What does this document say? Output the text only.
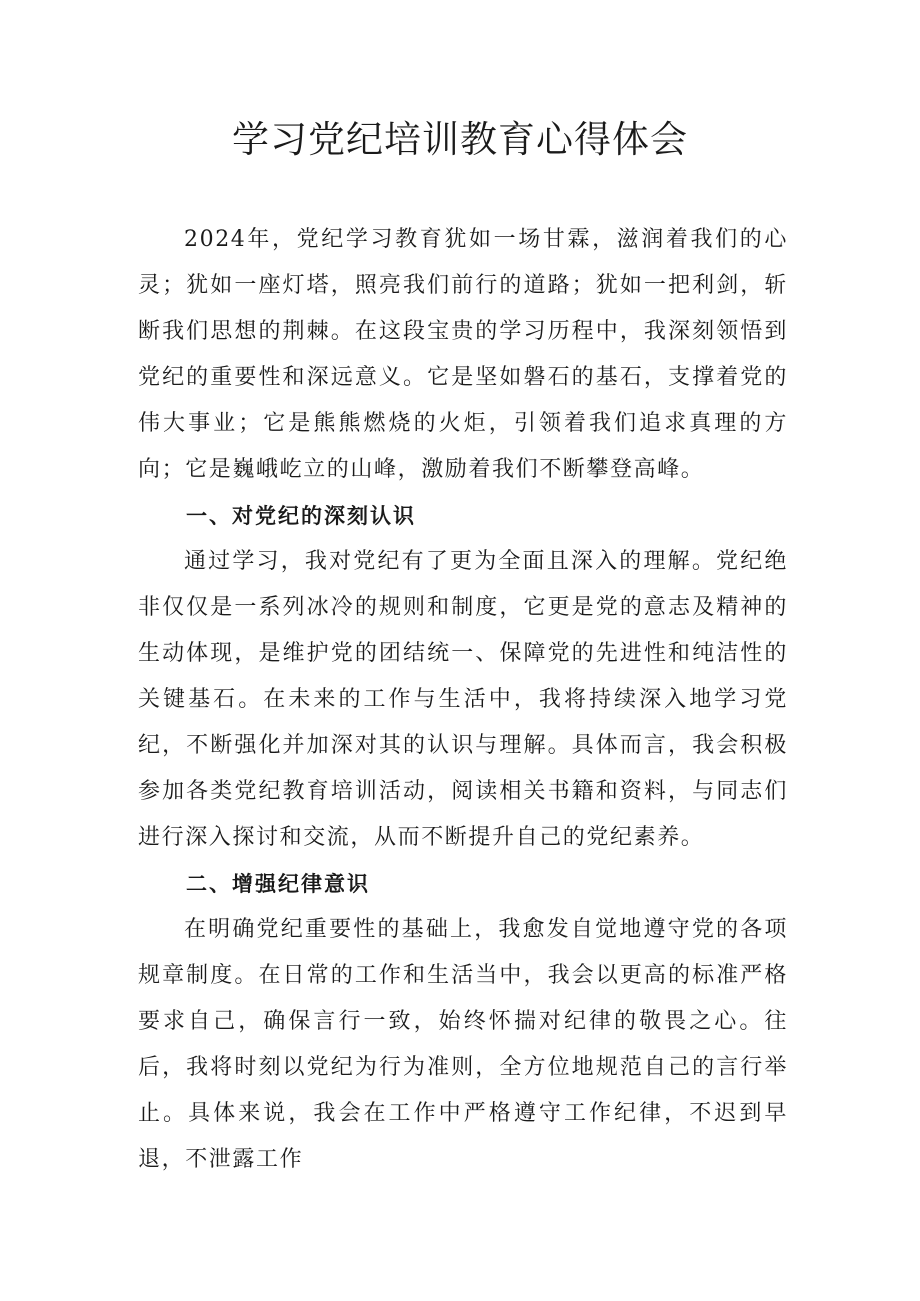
学习党纪培训教育心得体会

2024年，党纪学习教育犹如一场甘霖，滋润着我们的心灵；犹如一座灯塔，照亮我们前行的道路；犹如一把利剑，斩断我们思想的荆棘。在这段宝贵的学习历程中，我深刻领悟到党纪的重要性和深远意义。它是坚如磐石的基石，支撑着党的伟大事业；它是熊熊燃烧的火炬，引领着我们追求真理的方向；它是巍峨屹立的山峰，激励着我们不断攀登高峰。

一、对党纪的深刻认识

通过学习，我对党纪有了更为全面且深入的理解。党纪绝非仅仅是一系列冰冷的规则和制度，它更是党的意志及精神的生动体现，是维护党的团结统一、保障党的先进性和纯洁性的关键基石。在未来的工作与生活中，我将持续深入地学习党纪，不断强化并加深对其的认识与理解。具体而言，我会积极参加各类党纪教育培训活动，阅读相关书籍和资料，与同志们进行深入探讨和交流，从而不断提升自己的党纪素养。

二、增强纪律意识

在明确党纪重要性的基础上，我愈发自觉地遵守党的各项规章制度。在日常的工作和生活当中，我会以更高的标准严格要求自己，确保言行一致，始终怀揣对纪律的敬畏之心。往后，我将时刻以党纪为行为准则，全方位地规范自己的言行举止。具体来说，我会在工作中严格遵守工作纪律，不迟到早退，不泄露工作
